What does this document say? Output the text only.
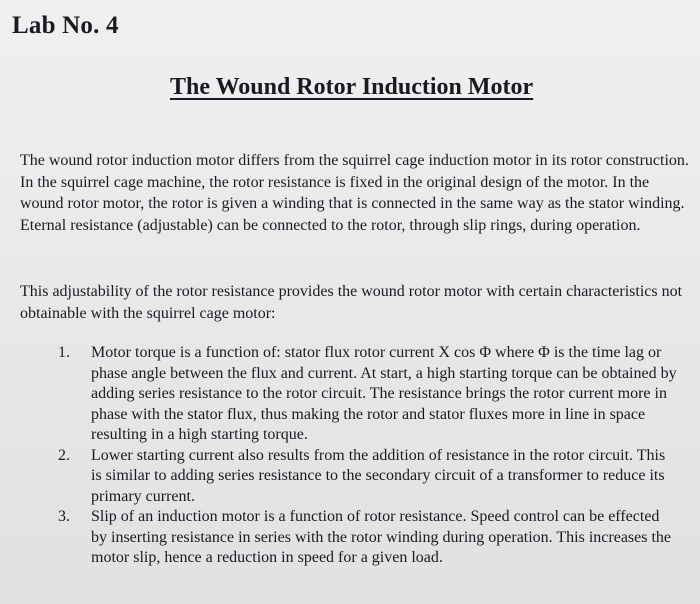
Lab No. 4
The Wound Rotor Induction Motor

The wound rotor induction motor differs from the squirrel cage induction motor in its rotor construction. In the squirrel cage machine, the rotor resistance is fixed in the original design of the motor. In the wound rotor motor, the rotor is given a winding that is connected in the same way as the stator winding. Eternal resistance (adjustable) can be connected to the rotor, through slip rings, during operation.

This adjustability of the rotor resistance provides the wound rotor motor with certain characteristics not obtainable with the squirrel cage motor:

1.	Motor torque is a function of: stator flux rotor current X cos Φ where Φ is the time lag or phase angle between the flux and current. At start, a high starting torque can be obtained by adding series resistance to the rotor circuit. The resistance brings the rotor current more in phase with the stator flux, thus making the rotor and stator fluxes more in line in space resulting in a high starting torque.
2.	Lower starting current also results from the addition of resistance in the rotor circuit. This is similar to adding series resistance to the secondary circuit of a transformer to reduce its primary current.
3.	Slip of an induction motor is a function of rotor resistance. Speed control can be effected by inserting resistance in series with the rotor winding during operation. This increases the motor slip, hence a reduction in speed for a given load.
